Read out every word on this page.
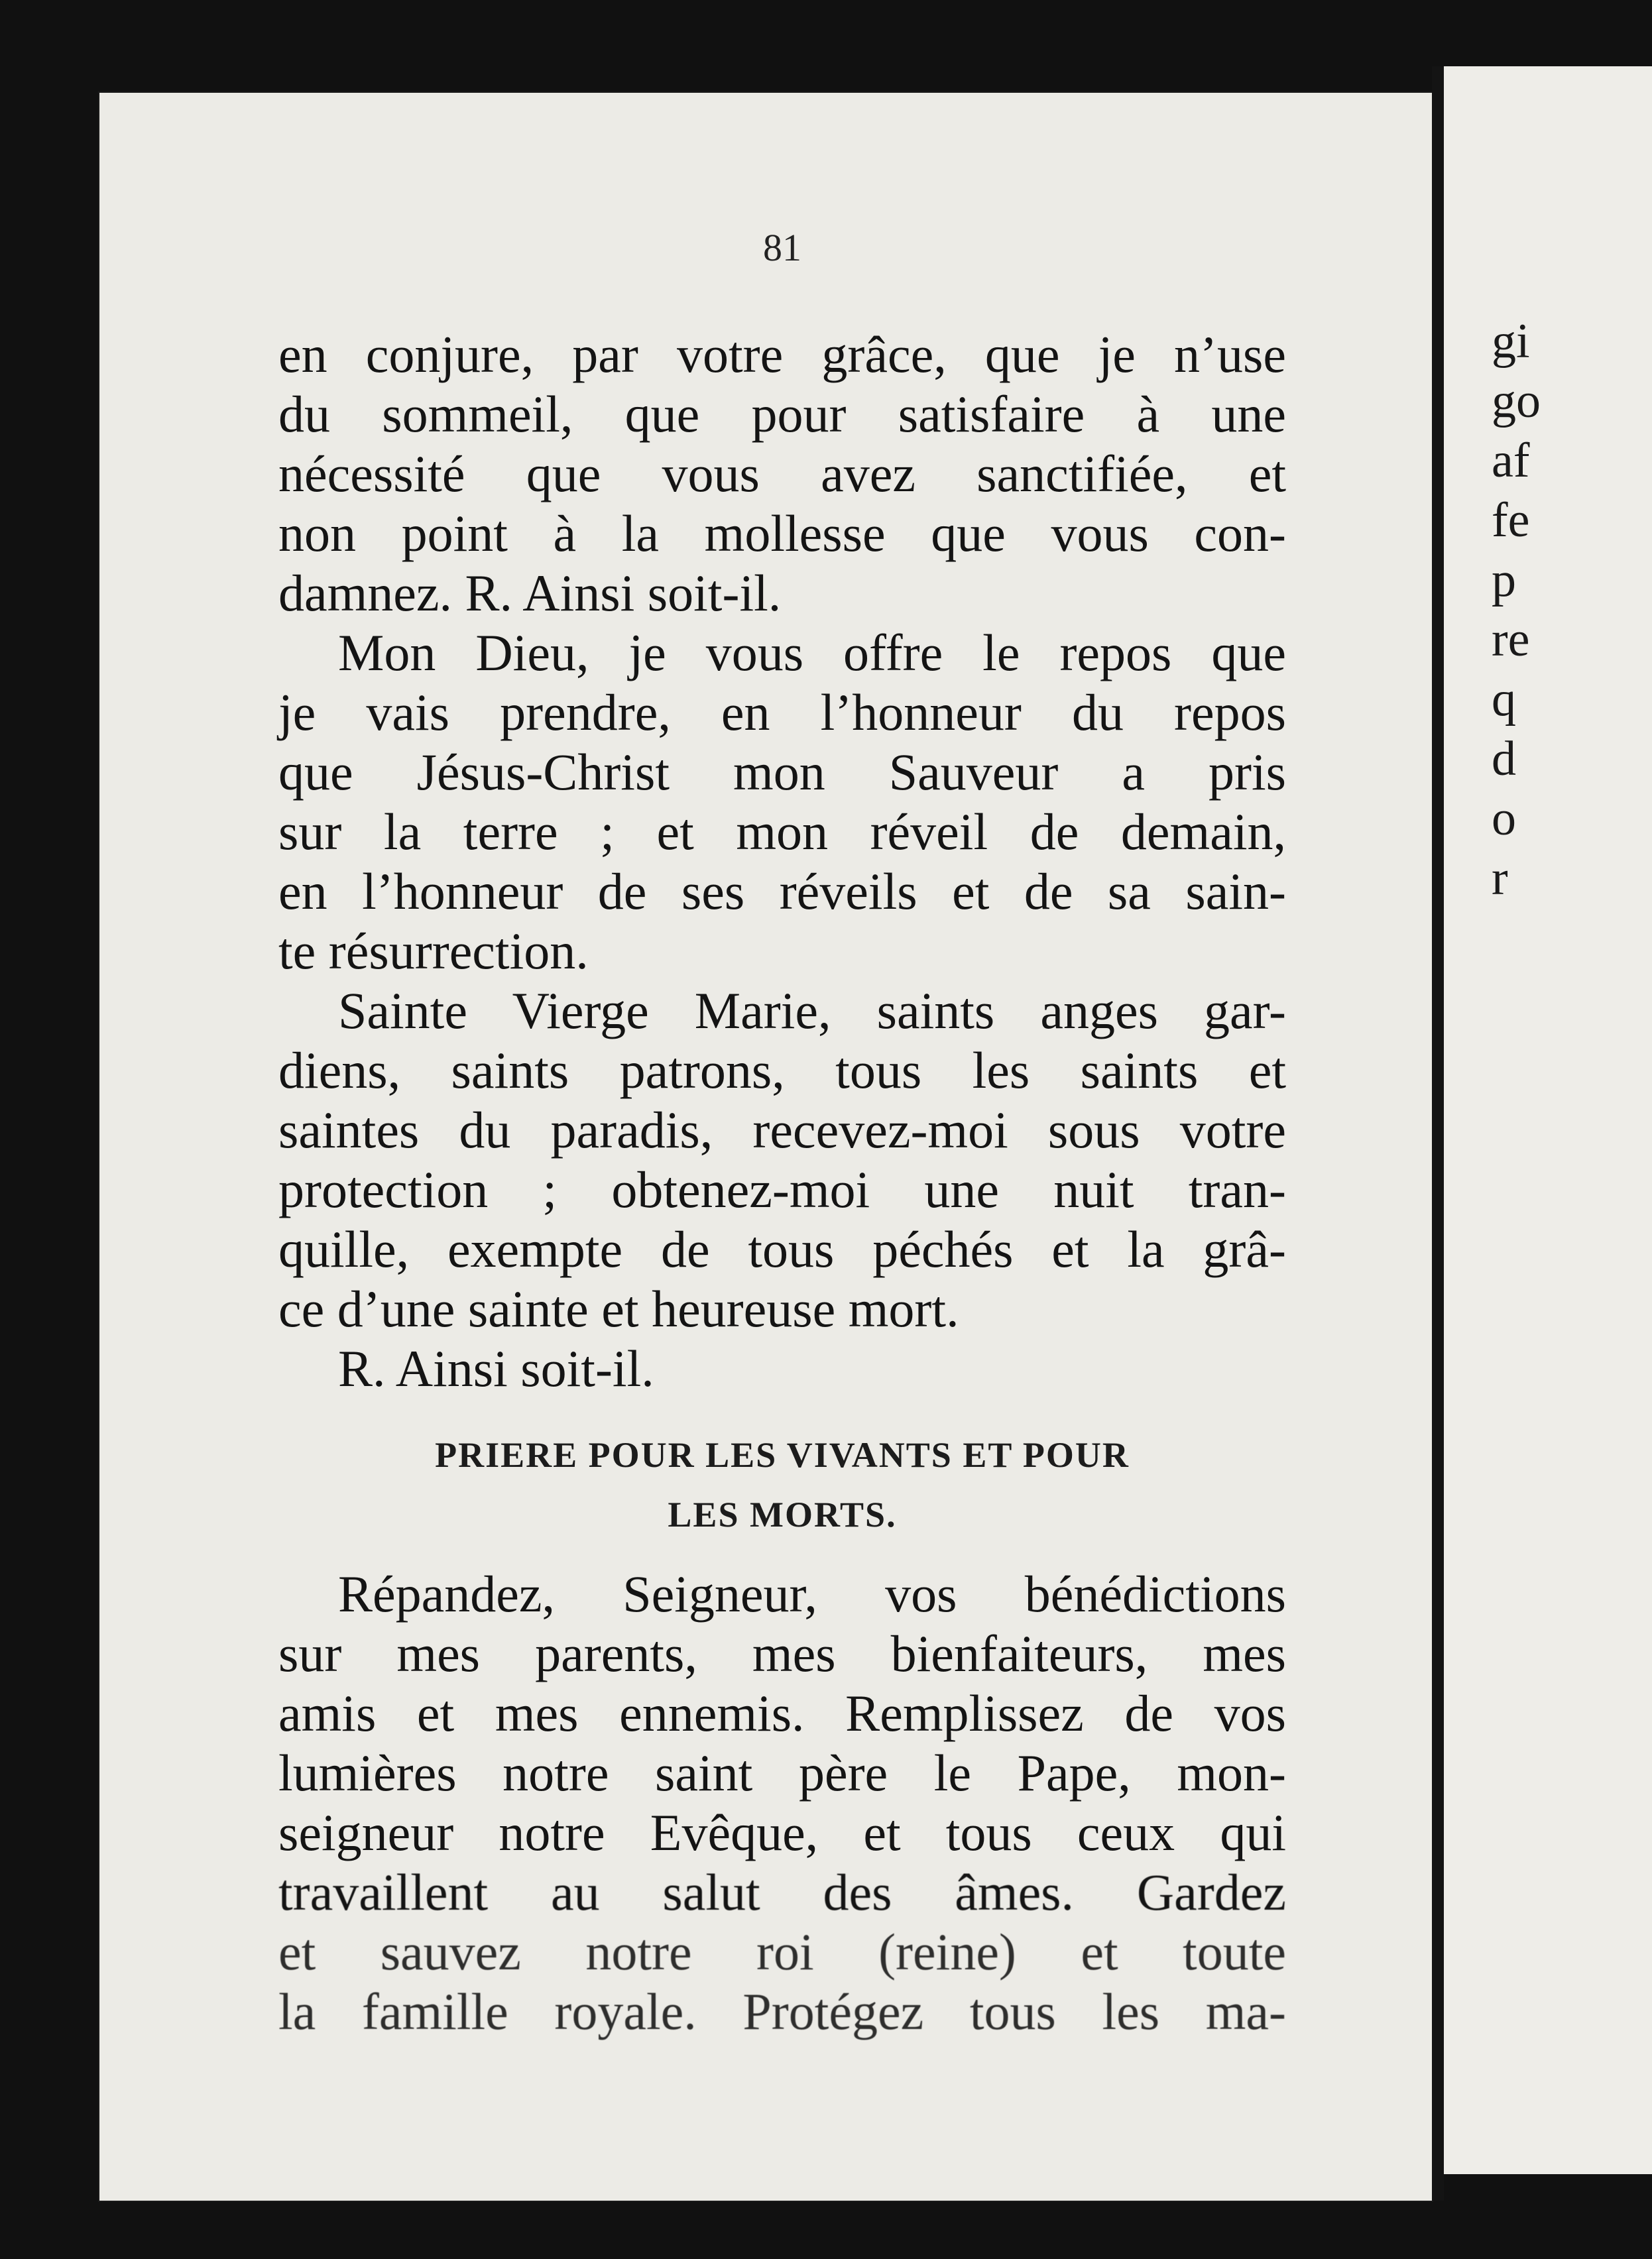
gi
go
af
fe
p
re
q
d
o
r
81
en conjure, par votre grâce, que je n’use
du sommeil, que pour satisfaire à une
nécessité que vous avez sanctifiée, et
non point à la mollesse que vous con-
damnez. R. Ainsi soit-il.
Mon Dieu, je vous offre le repos que
je vais prendre, en l’honneur du repos
que Jésus-Christ mon Sauveur a pris
sur la terre ; et mon réveil de demain,
en l’honneur de ses réveils et de sa sain-
te résurrection.
Sainte Vierge Marie, saints anges gar-
diens, saints patrons, tous les saints et
saintes du paradis, recevez-moi sous votre
protection ; obtenez-moi une nuit tran-
quille, exempte de tous péchés et la grâ-
ce d’une sainte et heureuse mort.
R. Ainsi soit-il.
PRIERE POUR LES VIVANTS ET POUR
LES MORTS.
Répandez, Seigneur, vos bénédictions
sur mes parents, mes bienfaiteurs, mes
amis et mes ennemis. Remplissez de vos
lumières notre saint père le Pape, mon-
seigneur notre Evêque, et tous ceux qui
travaillent au salut des âmes. Gardez
et sauvez notre roi (reine) et toute
la famille royale. Protégez tous les ma-
